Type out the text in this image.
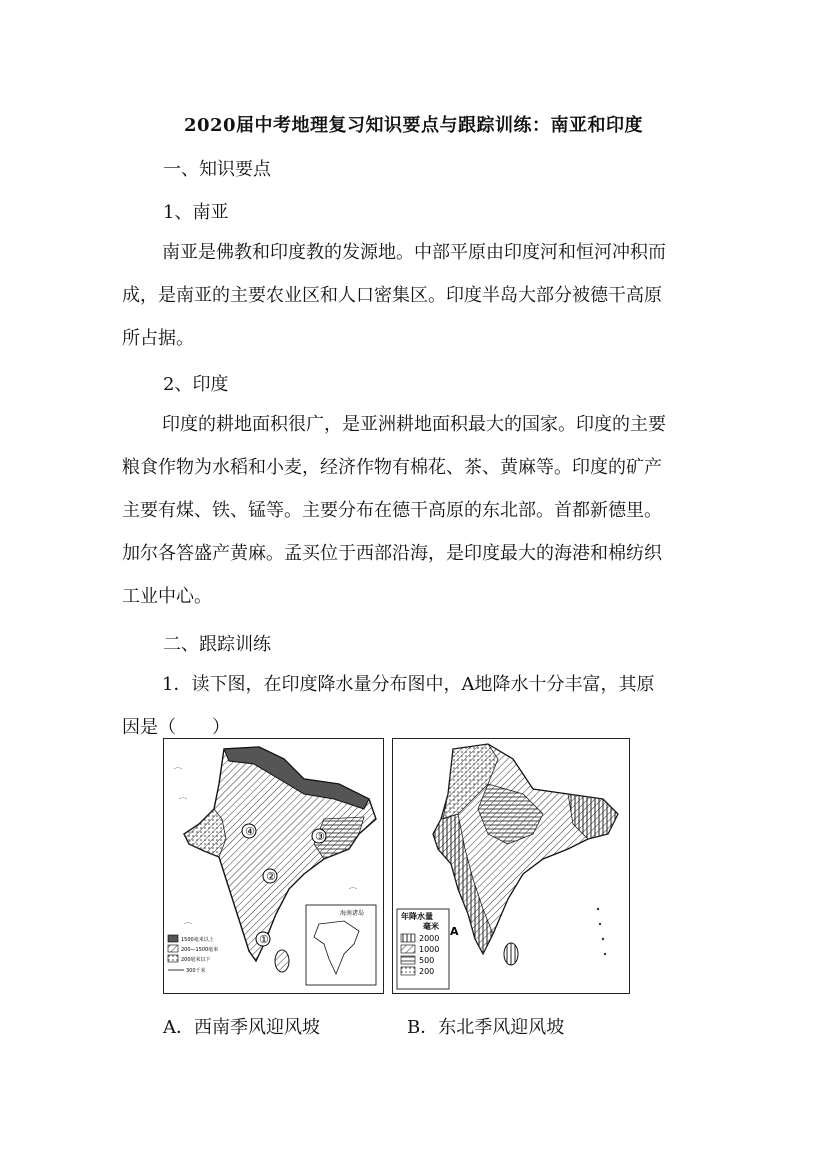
2020届中考地理复习知识要点与跟踪训练：南亚和印度
一、知识要点
1、南亚

南亚是佛教和印度教的发源地。中部平原由印度河和恒河冲积而

成，是南亚的主要农业区和人口密集区。印度半岛大部分被德干高原

所占据。

2、印度

印度的耕地面积很广，是亚洲耕地面积最大的国家。印度的主要

粮食作物为水稻和小麦，经济作物有棉花、茶、黄麻等。印度的矿产

主要有煤、铁、锰等。主要分布在德干高原的东北部。首都新德里。

加尔各答盛产黄麻。孟买位于西部沿海，是印度最大的海港和棉纺织

工业中心。

二、跟踪训练

1．读下图，在印度降水量分布图中，A地降水十分丰富，其原

因是（　　）

①
②
③
④
1500毫米以上
200—1500毫米
200毫米以下
300千米
海南诸岛
A
年降水量
毫米
2000
1000
500
200
A．西南季风迎风坡	B．东北季风迎风坡
